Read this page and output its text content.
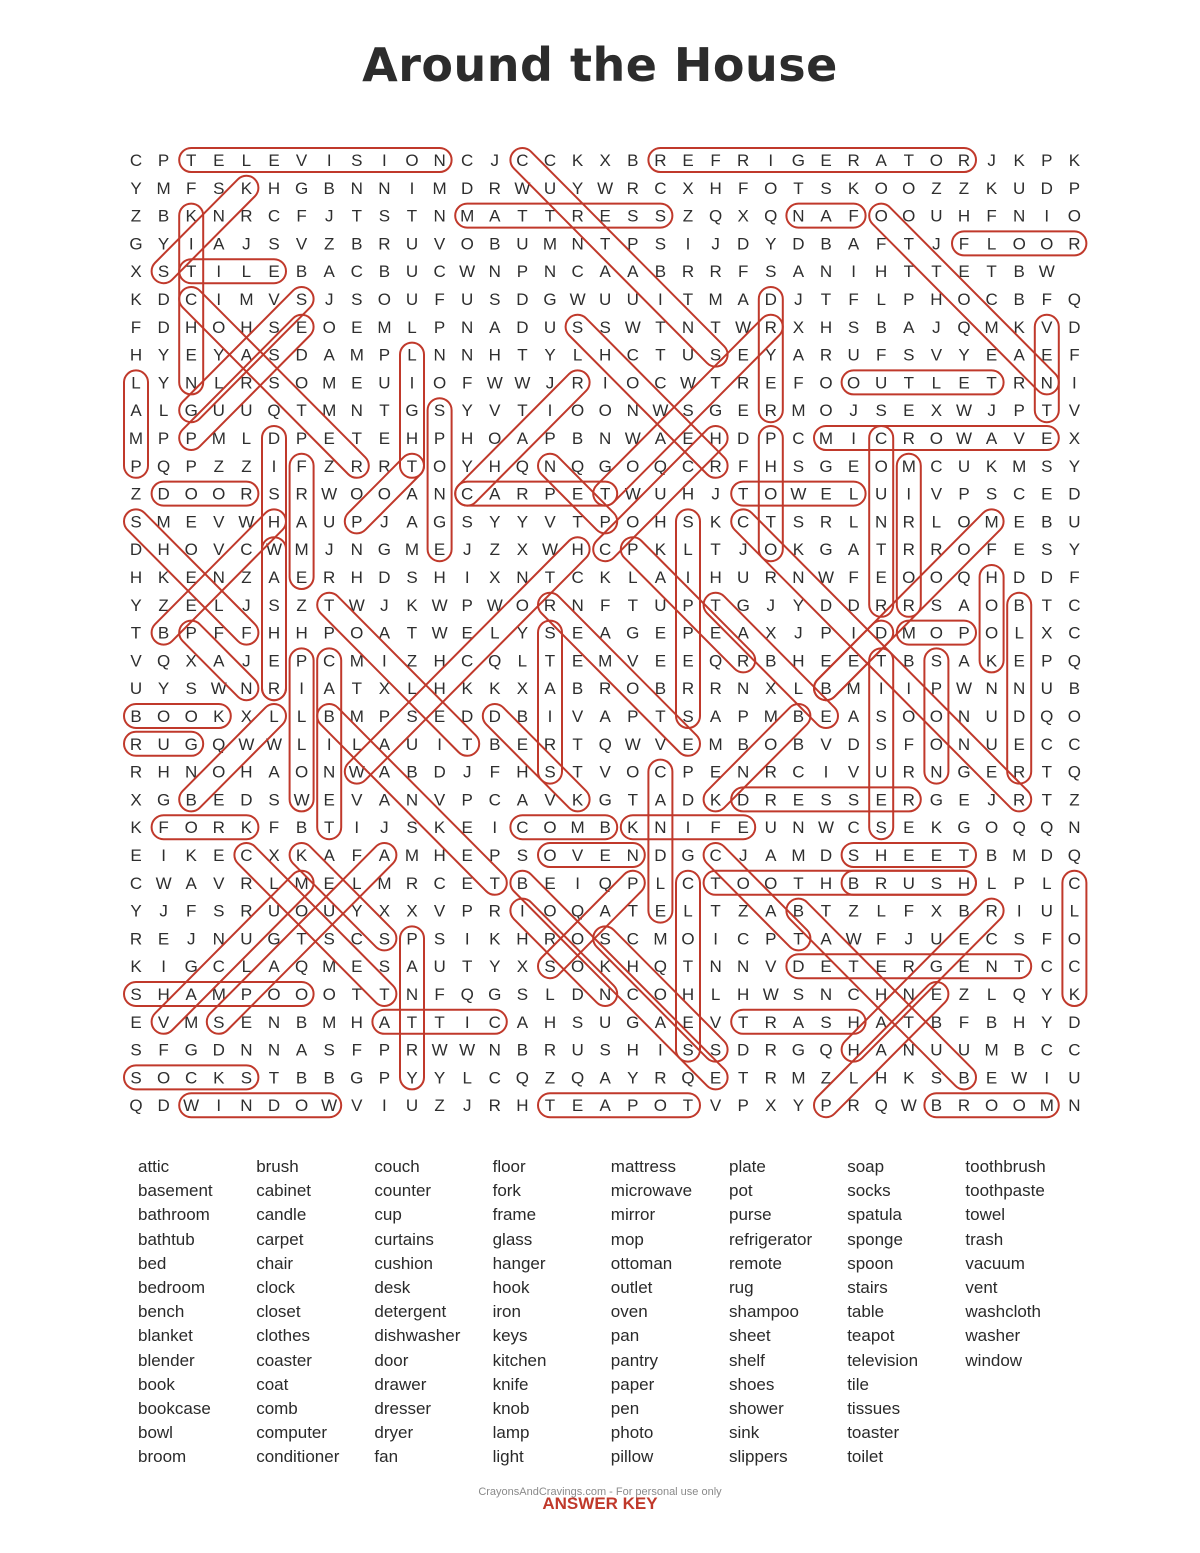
Around the House
C P T E L E V I S I O N C J C C K X B R E F R I G E R A T O R J K P K
Y M F S K H G B N N I M D R W U Y W R C X H F O T S K O O Z Z K U D P
Z B K N R C F J T S T N M A T T R E S S Z Q X Q N A F O O U H F N I O
G Y I A J S V Z B R U V O B U M N T P S I J D Y D B A F T J F L O O R
X S T I L E B A C B U C W N P N C A A B R R F S A N I H T T E T B W
K D C I M V S J S O U F U S D G W U U I T M A D J T F L P H O C B F Q
F D H O H S E O E M L P N A D U S S W T N T W R X H S B A J Q M K V D
H Y E Y A S D A M P L N N H T Y L H C T U S E Y A R U F S V Y E A E F
L Y N L R S O M E U I O F W W J R I O C W T R E F O O U T L E T R N I
A L G U U Q T M N T G S Y V T I O O N W S G E R M O J S E X W J P T V
M P P M L D P E T E H P H O A P B N W A E H D P C M I C R O W A V E X
P Q P Z Z I F Z R R T O Y H Q N Q G O Q C R F H S G E O M C U K M S Y
Z D O O R S R W O O A N C A R P E T W U H J T O W E L U I V P S C E D
S M E V W H A U P J A G S Y Y V T P O H S K C T S R L N R L O M E B U
D H O V C W M J N G M E J Z X W H C P K L T J O K G A T R R O F E S Y
H K E N Z A E R H D S H I X N T C K L A I H U R N W F E O O Q H D D F
Y Z E L J S Z T W J K W P W O R N F T U P T G J Y D D R R S A O B T C
T B P F F H H P O A T W E L Y S E A G E P E A X J P I D M O P O L X C
V Q X A J E P C M I Z H C Q L T E M V E E Q R B H E E T B S A K E P Q
U Y S W N R I A T X L H K K X A B R O B R R N X L B M I I P W N N U B
B O O K X L L B M P S E D D B I V A P T S A P M B E A S O O N U D Q O
R U G Q W W L I L A U I T B E R T Q W V E M B O B V D S F O N U E C C
R H N O H A O N W A B D J F H S T V O C P E N R C I V U R N G E R T Q
X G B E D S W E V A N V P C A V K G T A D K D R E S S E R G E J R T Z
K F O R K F B T I J S K E I C O M B K N I F E U N W C S E K G O Q Q N
E I K E C X K A F A M H E P S O V E N D G C J A M D S H E E T B M D Q
C W A V R L M E L M R C E T B E I Q P L C T O O T H B R U S H L P L C
Y J F S R U O U Y X X V P R I O Q A T E L T Z A B T Z L F X B R I U L
R E J N U G T S C S P S I K H R O S C M O I C P T A W F J U E C S F O
K I G C L A Q M E S A U T Y X S O K H Q T N N V D E T E R G E N T C C
S H A M P O O O T T N F Q G S L D N C O H L H W S N C H N E Z L Q Y K
E V M S E N B M H A T T I C A H S U G A E V T R A S H A T B F B H Y D
S F G D N N A S F P R W W N B R U S H I S S D R G Q H A N U U M B C C
S O C K S T B B G P Y Y L C Q Z Q A Y R Q E T R M Z L H K S B E W I U
Q D W I N D O W V I U Z J R H T E A P O T V P X Y P R Q W B R O O M N
attic
basement
bathroom
bathtub
bed
bedroom
bench
blanket
blender
book
bookcase
bowl
broom
brush
cabinet
candle
carpet
chair
clock
closet
clothes
coaster
coat
comb
computer
conditioner
couch
counter
cup
curtains
cushion
desk
detergent
dishwasher
door
drawer
dresser
dryer
fan
floor
fork
frame
glass
hanger
hook
iron
keys
kitchen
knife
knob
lamp
light
mattress
microwave
mirror
mop
ottoman
outlet
oven
pan
pantry
paper
pen
photo
pillow
plate
pot
purse
refrigerator
remote
rug
shampoo
sheet
shelf
shoes
shower
sink
slippers
soap
socks
spatula
sponge
spoon
stairs
table
teapot
television
tile
tissues
toaster
toilet
toothbrush
toothpaste
towel
trash
vacuum
vent
washcloth
washer
window
CrayonsAndCravings.com - For personal use only
ANSWER KEY
